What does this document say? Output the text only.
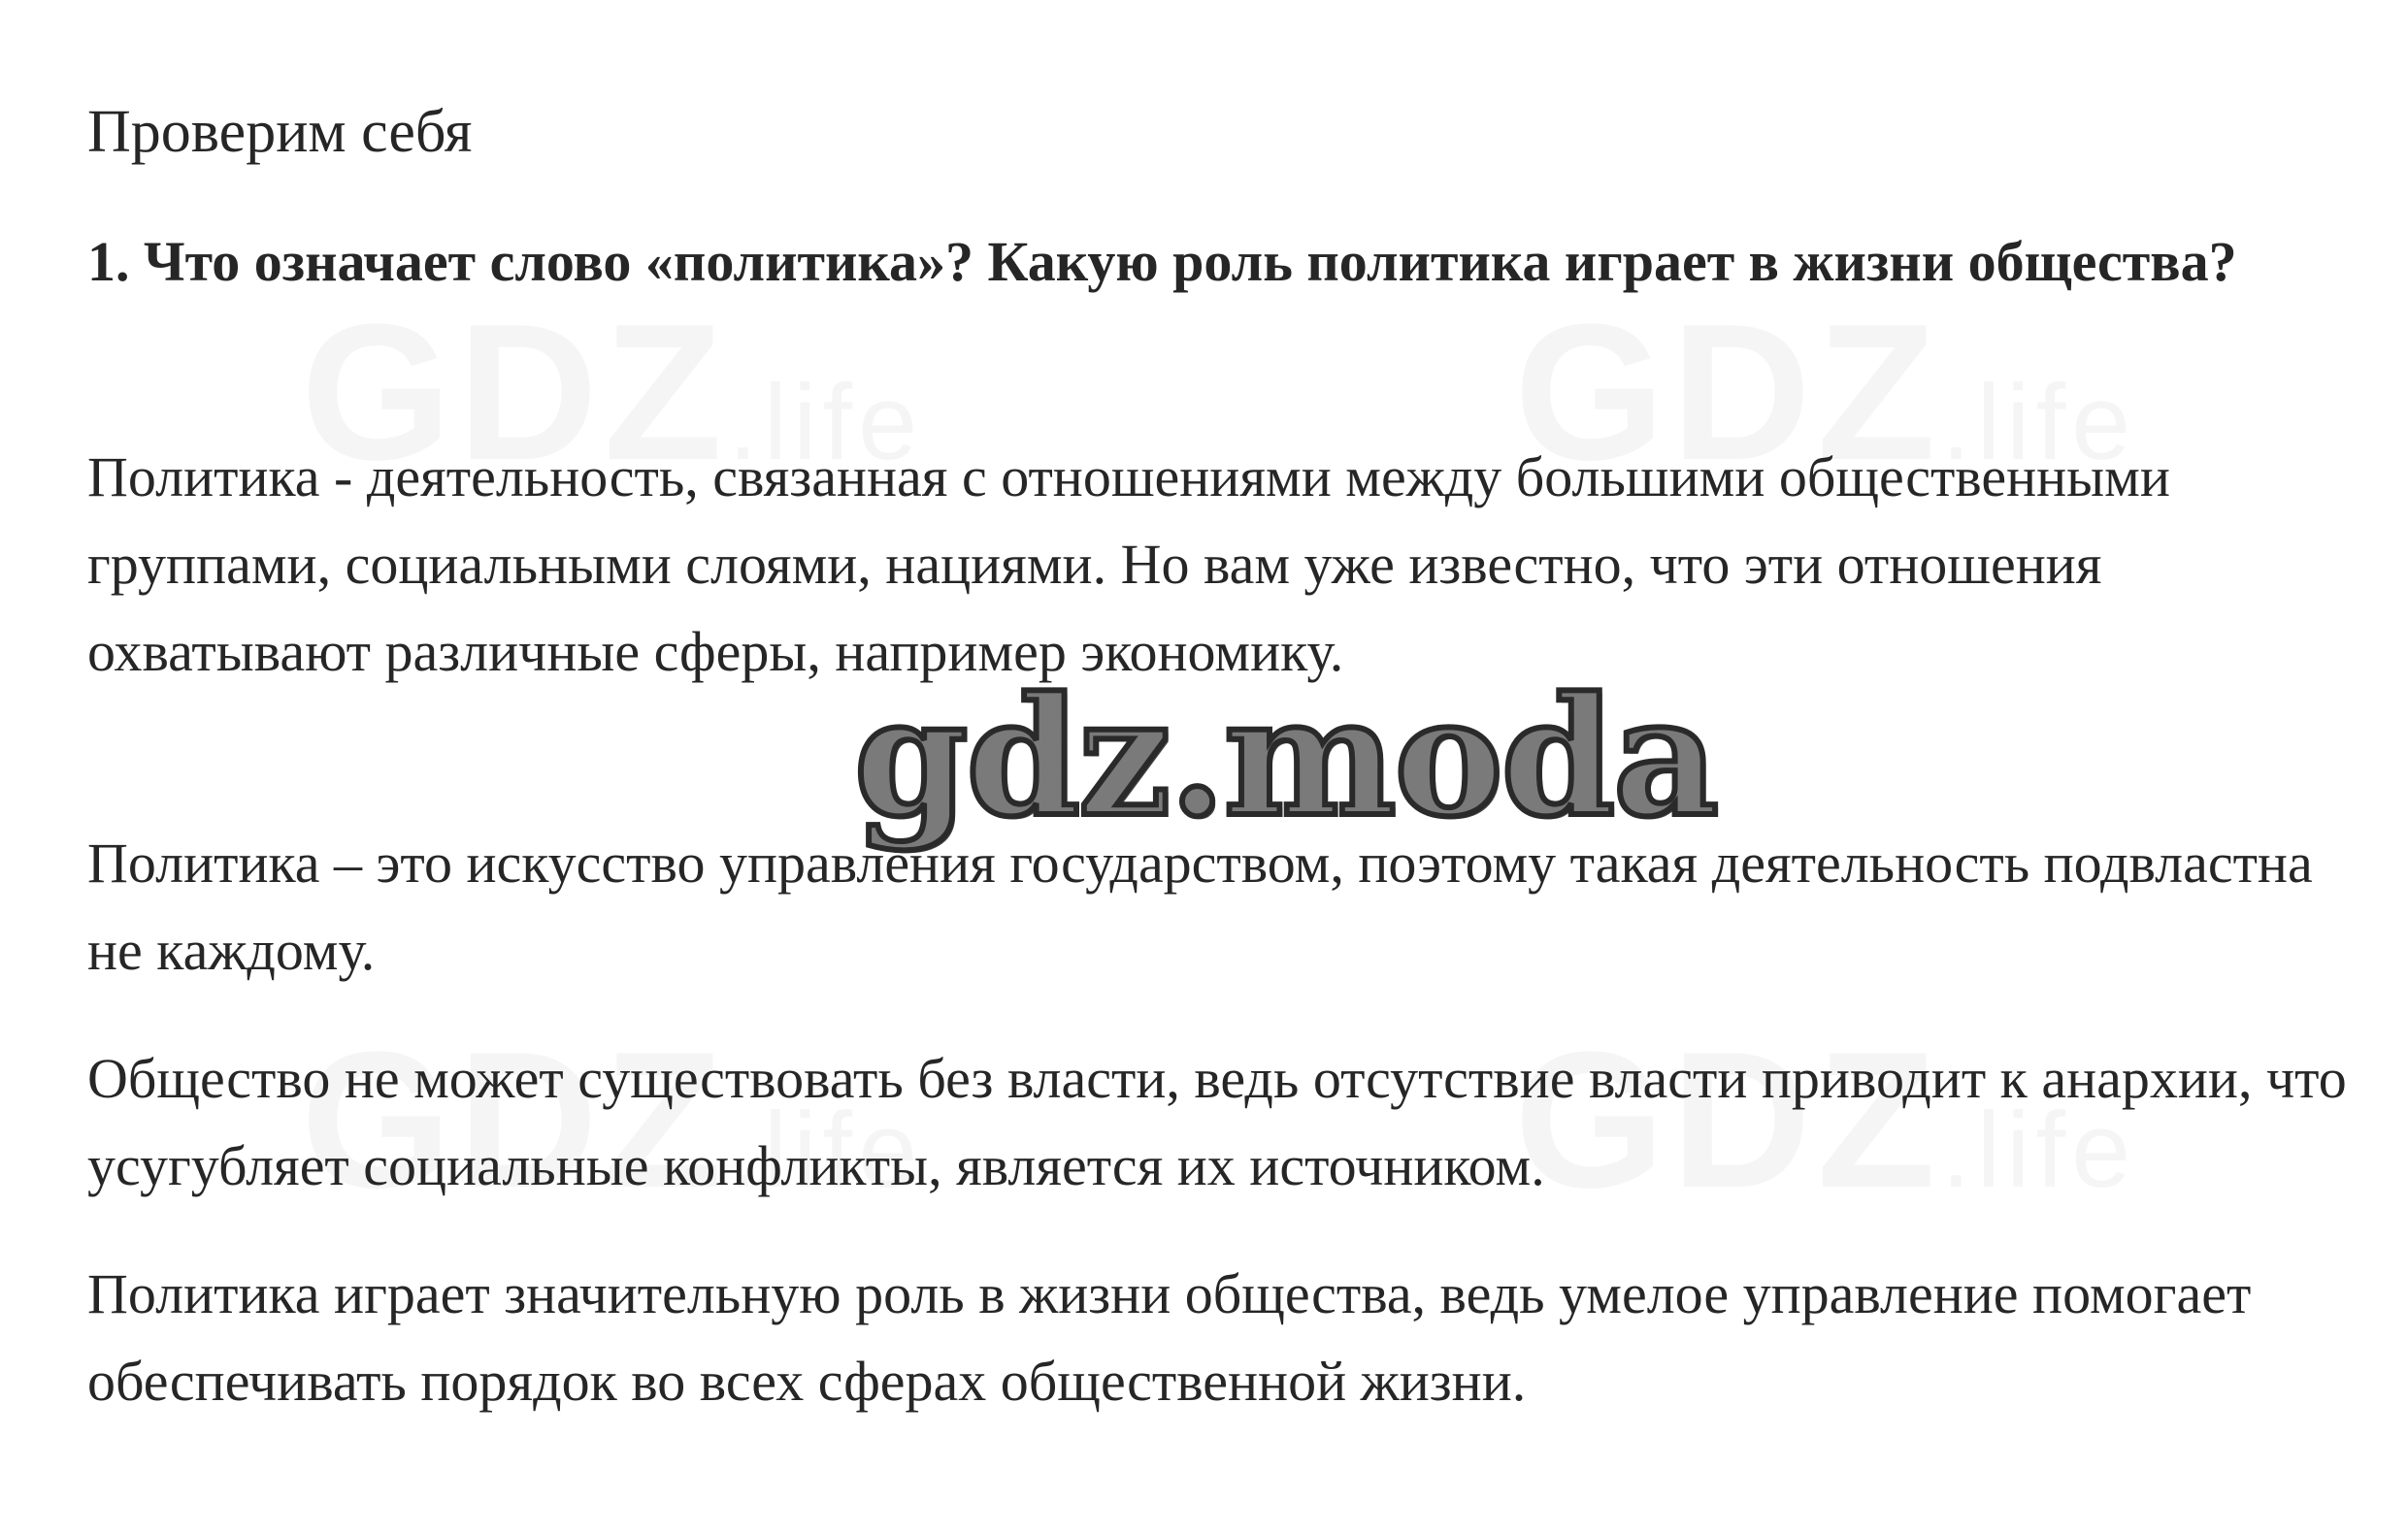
Проверим себя

1. Что означает слово «политика»? Какую роль политика играет в жизни общества?

Политика - деятельность, связанная с отношениями между большими общественными группами, социальными слоями, нациями. Но вам уже известно, что эти отношения охватывают различные сферы, например экономику.

Политика – это искусство управления государством, поэтому такая деятельность подвластна не каждому.

Общество не может существовать без власти, ведь отсутствие власти приводит к анархии, что усугубляет социальные конфликты, является их источником.

Политика играет значительную роль в жизни общества, ведь умелое управление помогает обеспечивать порядок во всех сферах общественной жизни.

gdz.moda
